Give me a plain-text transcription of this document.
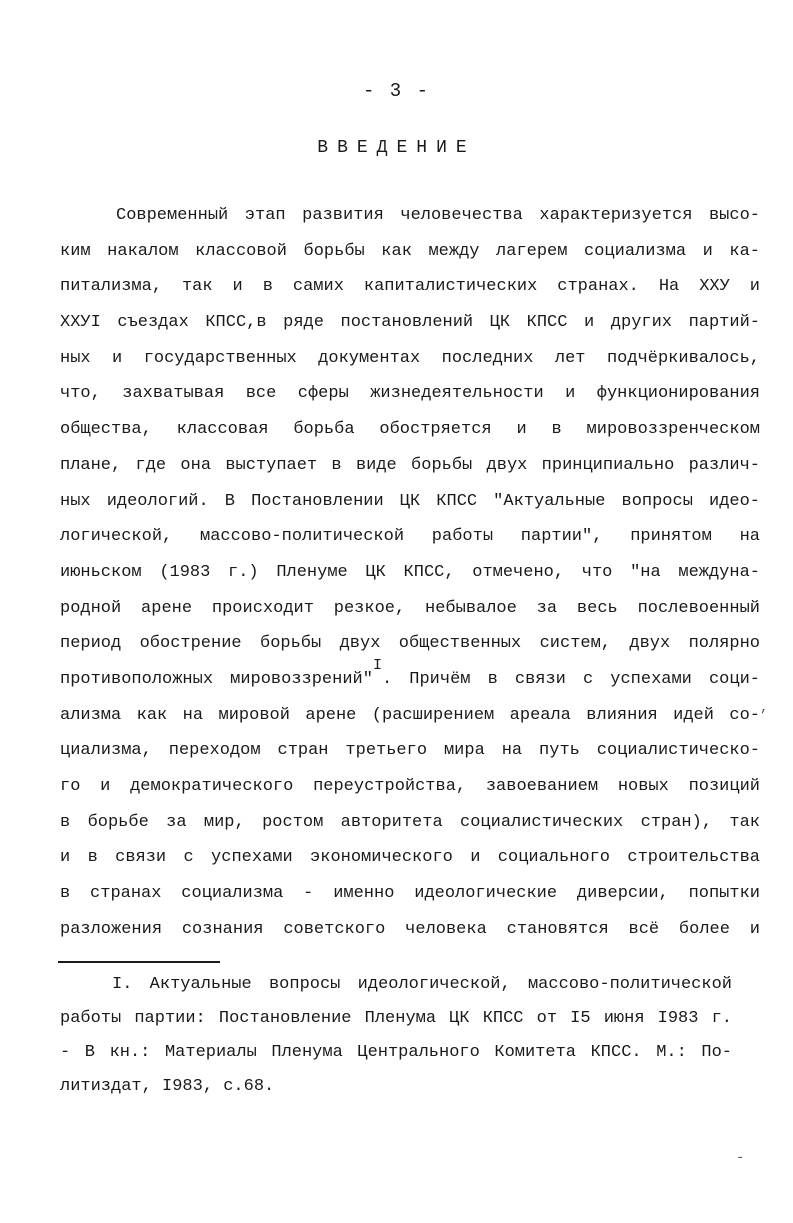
- 3 -
ВВЕДЕНИЕ
Современный этап развития человечества характеризуется высо-
ким накалом классовой борьбы как между лагерем социализма и ка-
питализма, так и в самих капиталистических странах. На XXУ и
XXУI съездах КПСС,в ряде постановлений ЦК КПСС и других партий-
ных и государственных документах последних лет подчёркивалось,
что, захватывая все сферы жизнедеятельности и функционирования
общества, классовая борьба обостряется и в мировоззренческом
плане, где она выступает в виде борьбы двух принципиально различ-
ных идеологий. В Постановлении ЦК КПСС "Актуальные вопросы идео-
логической, массово-политической работы партии", принятом на
июньском (1983 г.) Пленуме ЦК КПСС, отмечено, что "на междуна-
родной арене происходит резкое, небывалое за весь послевоенный
период обострение борьбы двух общественных систем, двух полярно
противоположных мировоззрений"I. Причём в связи с успехами соци-
ализма как на мировой арене (расширением ареала влияния идей со-
циализма, переходом стран третьего мира на путь социалистическо-
го и демократического переустройства, завоеванием новых позиций
в борьбе за мир, ростом авторитета социалистических стран), так
и в связи с успехами экономического и социального строительства
в странах социализма - именно идеологические диверсии, попытки
разложения сознания советского человека становятся всё более и
I. Актуальные вопросы идеологической, массово-политической
работы партии: Постановление Пленума ЦК КПСС от I5 июня I983 г.
- В кн.: Материалы Пленума Центрального Комитета КПСС. М.: По-
литиздат, I983, с.68.
,
-
